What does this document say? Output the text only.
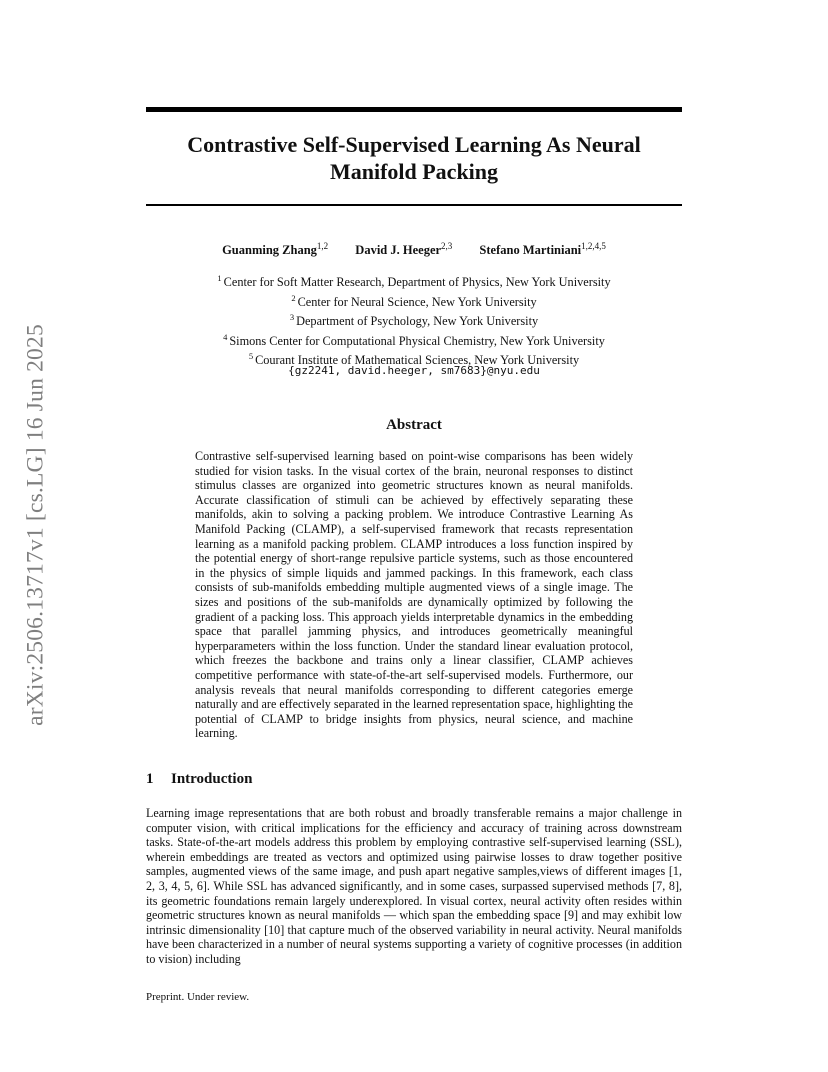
arXiv:2506.13717v1 [cs.LG] 16 Jun 2025
Contrastive Self-Supervised Learning As Neural
Manifold Packing
Guanming Zhang$^{1,2}$ David J. Heeger$^{2,3}$ Stefano Martiniani$^{1,2,4,5}$
$^1$ Center for Soft Matter Research, Department of Physics, New York University
$^2$ Center for Neural Science, New York University
$^3$ Department of Psychology, New York University
$^4$ Simons Center for Computational Physical Chemistry, New York University
$^5$ Courant Institute of Mathematical Sciences, New York University
{gz2241, david.heeger, sm7683}@nyu.edu
Abstract
Contrastive self-supervised learning based on point-wise comparisons has been widely studied for vision tasks. In the visual cortex of the brain, neuronal responses to distinct stimulus classes are organized into geometric structures known as neural manifolds. Accurate classification of stimuli can be achieved by effectively separating these manifolds, akin to solving a packing problem. We introduce Contrastive Learning As Manifold Packing (CLAMP), a self-supervised framework that recasts representation learning as a manifold packing problem. CLAMP introduces a loss function inspired by the potential energy of short-range repulsive particle systems, such as those encountered in the physics of simple liquids and jammed packings. In this framework, each class consists of sub-manifolds embedding multiple augmented views of a single image. The sizes and positions of the sub-manifolds are dynamically optimized by following the gradient of a packing loss. This approach yields interpretable dynamics in the embedding space that parallel jamming physics, and introduces geometrically meaningful hyperparameters within the loss function. Under the standard linear evaluation protocol, which freezes the backbone and trains only a linear classifier, CLAMP achieves competitive performance with state-of-the-art self-supervised models. Furthermore, our analysis reveals that neural manifolds corresponding to different categories emerge naturally and are effectively separated in the learned representation space, highlighting the potential of CLAMP to bridge insights from physics, neural science, and machine learning.
1 Introduction
Learning image representations that are both robust and broadly transferable remains a major challenge in computer vision, with critical implications for the efficiency and accuracy of training across downstream tasks. State-of-the-art models address this problem by employing contrastive self-supervised learning (SSL), wherein embeddings are treated as vectors and optimized using pairwise losses to draw together positive samples, augmented views of the same image, and push apart negative samples,views of different images [1, 2, 3, 4, 5, 6]. While SSL has advanced significantly, and in some cases, surpassed supervised methods [7, 8], its geometric foundations remain largely underexplored. In visual cortex, neural activity often resides within geometric structures known as neural manifolds — which span the embedding space [9] and may exhibit low intrinsic dimensionality [10] that capture much of the observed variability in neural activity. Neural manifolds have been characterized in a number of neural systems supporting a variety of cognitive processes (in addition to vision) including
Preprint. Under review.
